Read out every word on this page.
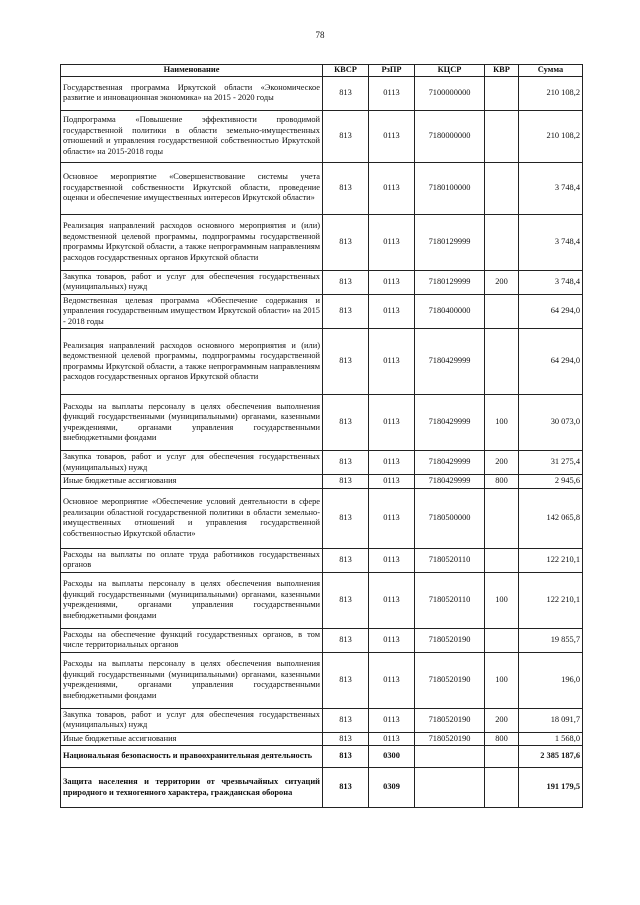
78
Наименование	КВСР	РзПР	КЦСР	КВР	Сумма
Государственная программа Иркутской области «Экономическое развитие и инновационная экономика» на 2015 - 2020 годы	813	0113	7100000000		210 108,2
Подпрограмма «Повышение эффективности проводимой государственной политики в области земельно-имущественных отношений и управления государственной собственностью Иркутской области» на 2015-2018 годы	813	0113	7180000000		210 108,2
Основное мероприятие «Совершенствование системы учета государственной собственности Иркутской области, проведение оценки и обеспечение имущественных интересов Иркутской области»	813	0113	7180100000		3 748,4
Реализация направлений расходов основного мероприятия и (или) ведомственной целевой программы, подпрограммы государственной программы Иркутской области, а также непрограммным направлениям расходов государственных органов Иркутской области	813	0113	7180129999		3 748,4
Закупка товаров, работ и услуг для обеспечения государственных (муниципальных) нужд	813	0113	7180129999	200	3 748,4
Ведомственная целевая программа «Обеспечение содержания и управления государственным имуществом Иркутской области» на 2015 - 2018 годы	813	0113	7180400000		64 294,0
Реализация направлений расходов основного мероприятия и (или) ведомственной целевой программы, подпрограммы государственной программы Иркутской области, а также непрограммным направлениям расходов государственных органов Иркутской области	813	0113	7180429999		64 294,0
Расходы на выплаты персоналу в целях обеспечения выполнения функций государственными (муниципальными) органами, казенными учреждениями, органами управления государственными внебюджетными фондами	813	0113	7180429999	100	30 073,0
Закупка товаров, работ и услуг для обеспечения государственных (муниципальных) нужд	813	0113	7180429999	200	31 275,4
Иные бюджетные ассигнования	813	0113	7180429999	800	2 945,6
Основное мероприятие «Обеспечение условий деятельности в сфере реализации областной государственной политики в области земельно-имущественных отношений и управления государственной собственностью Иркутской области»	813	0113	7180500000		142 065,8
Расходы на выплаты по оплате труда работников государственных органов	813	0113	7180520110		122 210,1
Расходы на выплаты персоналу в целях обеспечения выполнения функций государственными (муниципальными) органами, казенными учреждениями, органами управления государственными внебюджетными фондами	813	0113	7180520110	100	122 210,1
Расходы на обеспечение функций государственных органов, в том числе территориальных органов	813	0113	7180520190		19 855,7
Расходы на выплаты персоналу в целях обеспечения выполнения функций государственными (муниципальными) органами, казенными учреждениями, органами управления государственными внебюджетными фондами	813	0113	7180520190	100	196,0
Закупка товаров, работ и услуг для обеспечения государственных (муниципальных) нужд	813	0113	7180520190	200	18 091,7
Иные бюджетные ассигнования	813	0113	7180520190	800	1 568,0
Национальная безопасность и правоохранительная деятельность	813	0300			2 385 187,6
Защита населения и территории от чрезвычайных ситуаций природного и техногенного характера, гражданская оборона	813	0309			191 179,5
